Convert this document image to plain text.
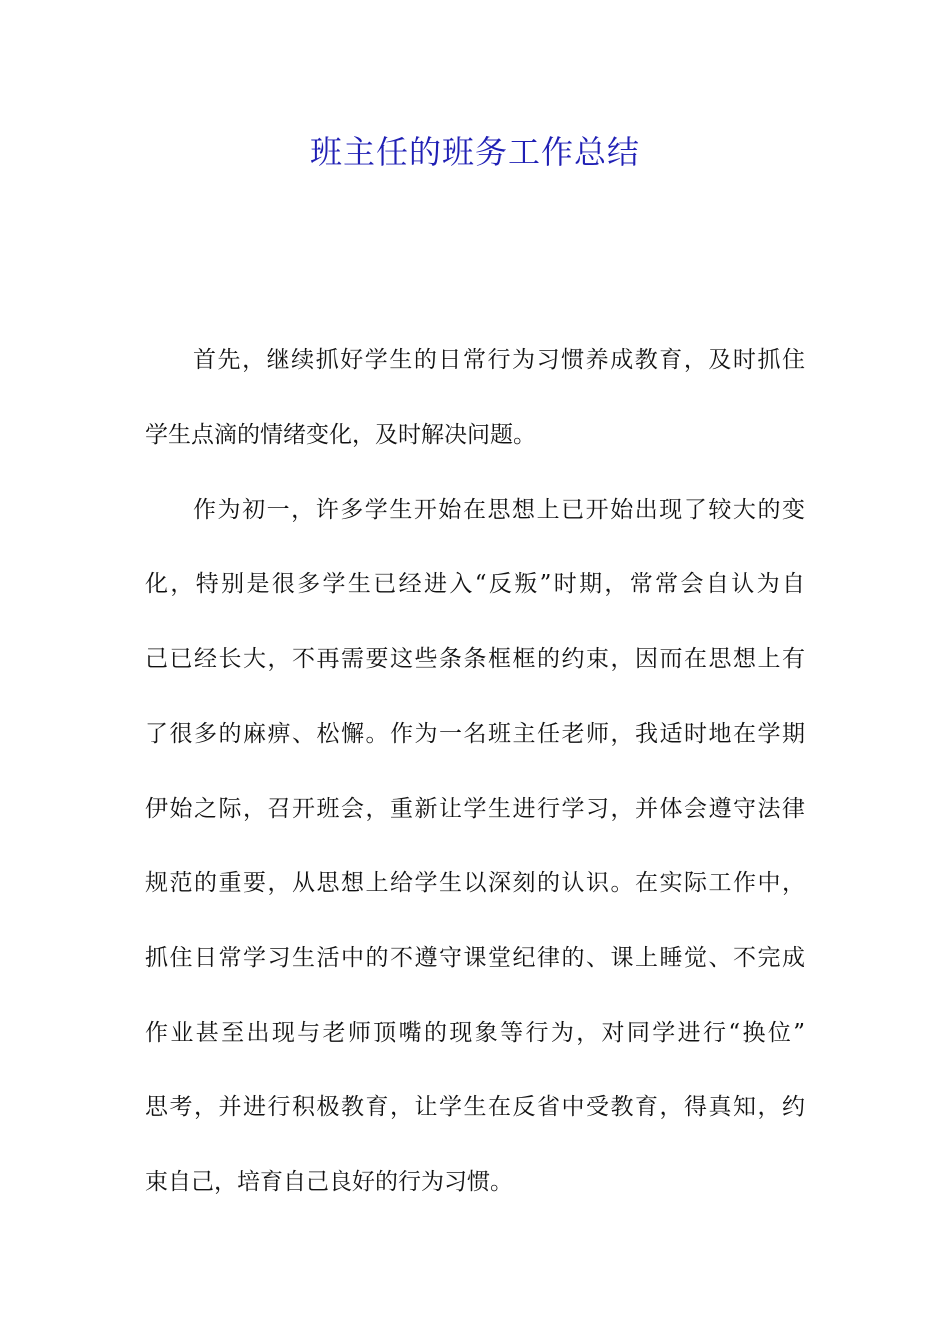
班主任的班务工作总结
首先，继续抓好学生的日常行为习惯养成教育，及时抓住
学生点滴的情绪变化，及时解决问题。
作为初一，许多学生开始在思想上已开始出现了较大的变
化，特别是很多学生已经进入“反叛”时期，常常会自认为自
己已经长大，不再需要这些条条框框的约束，因而在思想上有
了很多的麻痹、松懈。作为一名班主任老师，我适时地在学期
伊始之际，召开班会，重新让学生进行学习，并体会遵守法律
规范的重要，从思想上给学生以深刻的认识。在实际工作中，
抓住日常学习生活中的不遵守课堂纪律的、课上睡觉、不完成
作业甚至出现与老师顶嘴的现象等行为，对同学进行“换位”
思考，并进行积极教育，让学生在反省中受教育，得真知，约
束自己，培育自己良好的行为习惯。
